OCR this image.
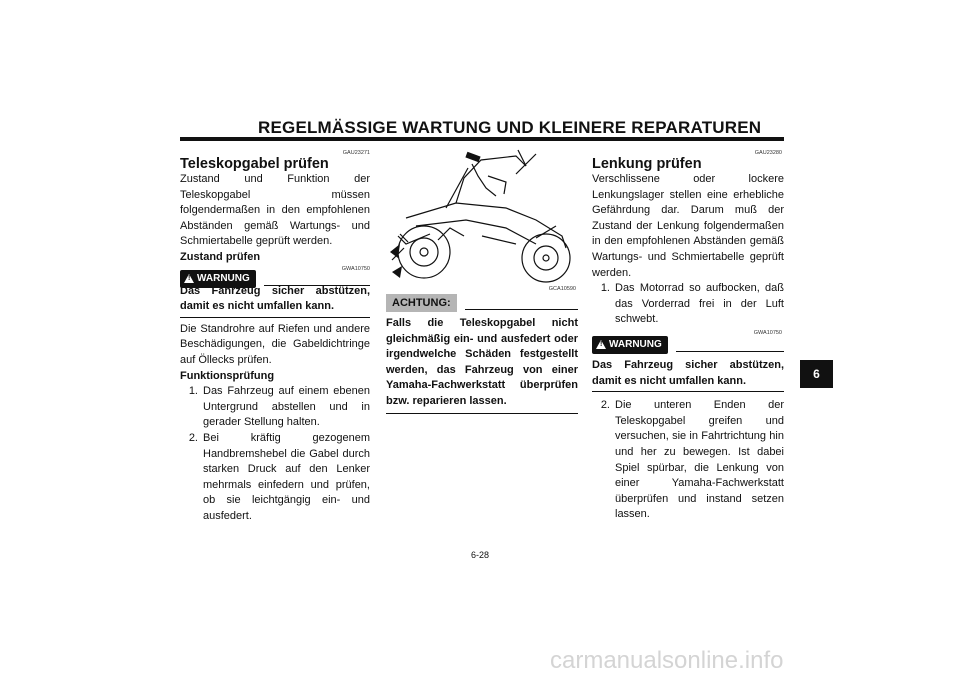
REGELMÄSSIGE WARTUNG UND KLEINERE REPARATUREN
GAU23271
Teleskopgabel prüfen

Zustand und Funktion der Teleskopgabel müssen folgendermaßen in den empfohlenen Abständen gemäß Wartungs- und Schmiertabelle geprüft werden.

Zustand prüfen

! WARNUNG
GWA10750
Das Fahrzeug sicher abstützen, damit es nicht umfallen kann.

Die Standrohre auf Riefen und andere Beschädigungen, die Gabeldichtringe auf Öllecks prüfen.

Funktionsprüfung

1. Das Fahrzeug auf einem ebenen Untergrund abstellen und in gerader Stellung halten.
2. Bei kräftig gezogenem Handbremshebel die Gabel durch starken Druck auf den Lenker mehrmals einfedern und prüfen, ob sie leichtgängig ein- und ausfedert.
GCA10590
ACHTUNG:
Falls die Teleskopgabel nicht gleichmäßig ein- und ausfedert oder irgendwelche Schäden festgestellt werden, das Fahrzeug von einer Yamaha-Fachwerkstatt überprüfen bzw. reparieren lassen.
GAU23280
Lenkung prüfen

Verschlissene oder lockere Lenkungslager stellen eine erhebliche Gefährdung dar. Darum muß der Zustand der Lenkung folgendermaßen in den empfohlenen Abständen gemäß Wartungs- und Schmiertabelle geprüft werden.

1. Das Motorrad so aufbocken, daß das Vorderrad frei in der Luft schwebt.
GWA10750
! WARNUNG
Das Fahrzeug sicher abstützen, damit es nicht umfallen kann.
2. Die unteren Enden der Teleskopgabel greifen und versuchen, sie in Fahrtrichtung hin und her zu bewegen. Ist dabei Spiel spürbar, die Lenkung von einer Yamaha-Fachwerkstatt überprüfen und instand setzen lassen.
6
6-28
carmanualsonline.info
